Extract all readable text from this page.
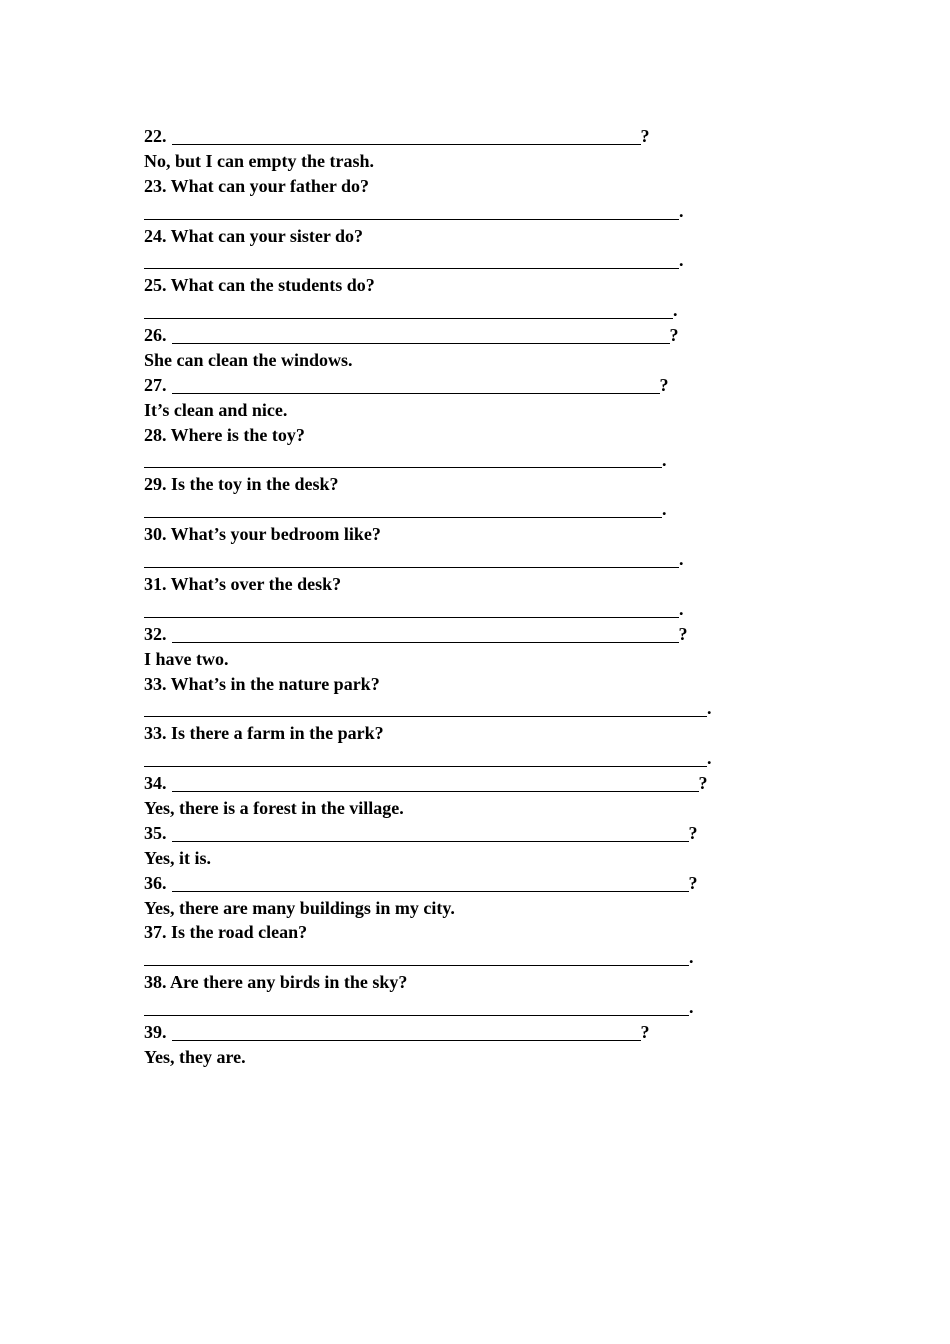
22.	?
No, but I can empty the trash.
23. What can your father do?
.
24. What can your sister do?
.
25. What can the students do?
.
26.	?
She can clean the windows.
27.	?
It’s clean and nice.
28. Where is the toy?
.
29. Is the toy in the desk?
.
30. What’s your bedroom like?
.
31. What’s over the desk?
.
32.	?
I have two.
33. What’s in the nature park?
.
33. Is there a farm in the park?
.
34.	?
Yes, there is a forest in the village.
35.	?
Yes, it is.
36.	?
Yes, there are many buildings in my city.
37. Is the road clean?
.
38. Are there any birds in the sky?
.
39.	?
Yes, they are.
